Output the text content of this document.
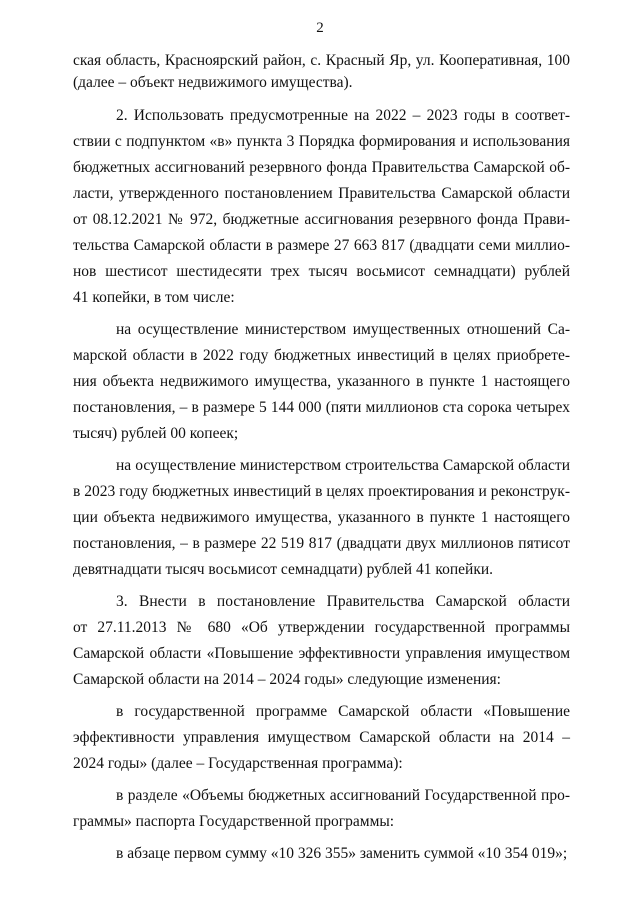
2
ская область, Красноярский район, с. Красный Яр, ул. Кооперативная, 100
(далее – объект недвижимого имущества).
2. Использовать предусмотренные на 2022 – 2023 годы в соответ-
ствии с подпунктом «в» пункта 3 Порядка формирования и использования
бюджетных ассигнований резервного фонда Правительства Самарской об-
ласти, утвержденного постановлением Правительства Самарской области
от 08.12.2021 № 972, бюджетные ассигнования резервного фонда Прави-
тельства Самарской области в размере 27 663 817 (двадцати семи миллио-
нов шестисот шестидесяти трех тысяч восьмисот семнадцати) рублей
41 копейки, в том числе:
на осуществление министерством имущественных отношений Са-
марской области в 2022 году бюджетных инвестиций в целях приобрете-
ния объекта недвижимого имущества, указанного в пункте 1 настоящего
постановления, – в размере 5 144 000 (пяти миллионов ста сорока четырех
тысяч) рублей 00 копеек;
на осуществление министерством строительства Самарской области
в 2023 году бюджетных инвестиций в целях проектирования и реконструк-
ции объекта недвижимого имущества, указанного в пункте 1 настоящего
постановления, – в размере 22 519 817 (двадцати двух миллионов пятисот
девятнадцати тысяч восьмисот семнадцати) рублей 41 копейки.
3. Внести в постановление Правительства Самарской области
от 27.11.2013 № 680 «Об утверждении государственной программы
Самарской области «Повышение эффективности управления имуществом
Самарской области на 2014 – 2024 годы» следующие изменения:
в государственной программе Самарской области «Повышение
эффективности управления имуществом Самарской области на 2014 –
2024 годы» (далее – Государственная программа):
в разделе «Объемы бюджетных ассигнований Государственной про-
граммы» паспорта Государственной программы:
в абзаце первом сумму «10 326 355» заменить суммой «10 354 019»;
